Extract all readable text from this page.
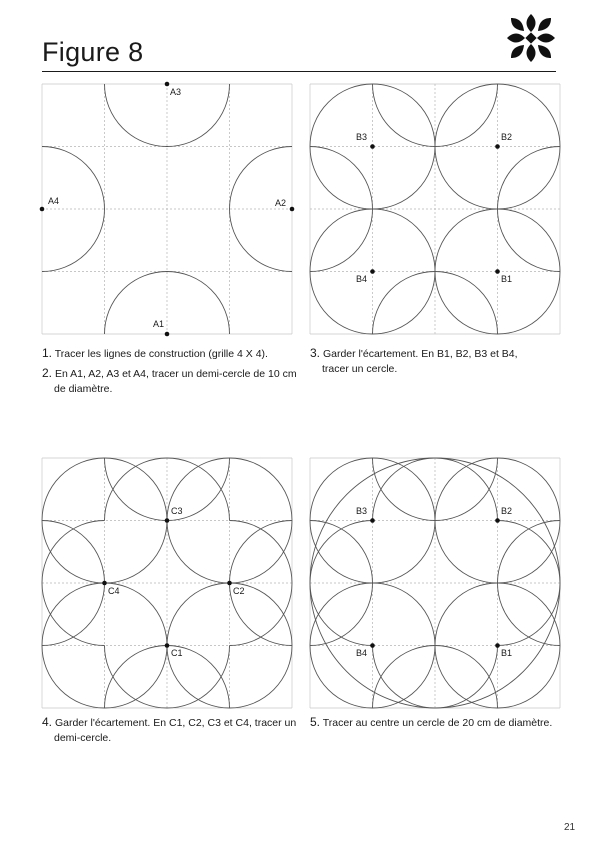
Figure 8
A3
A1
A4	A2
B3	B2
B4	B1
C3
C1
C4	C2
B3	B2
B4	B1
1. Tracer les lignes de construction (grille 4 X 4).
2. En A1, A2, A3 et A4, tracer un demi-cercle de 10 cm de diamètre.
3. Garder l'écartement. En B1, B2, B3 et B4, tracer un cercle.
4. Garder l'écartement. En C1, C2, C3 et C4, tracer un demi-cercle.
5. Tracer au centre un cercle de 20 cm de diamètre.
21
